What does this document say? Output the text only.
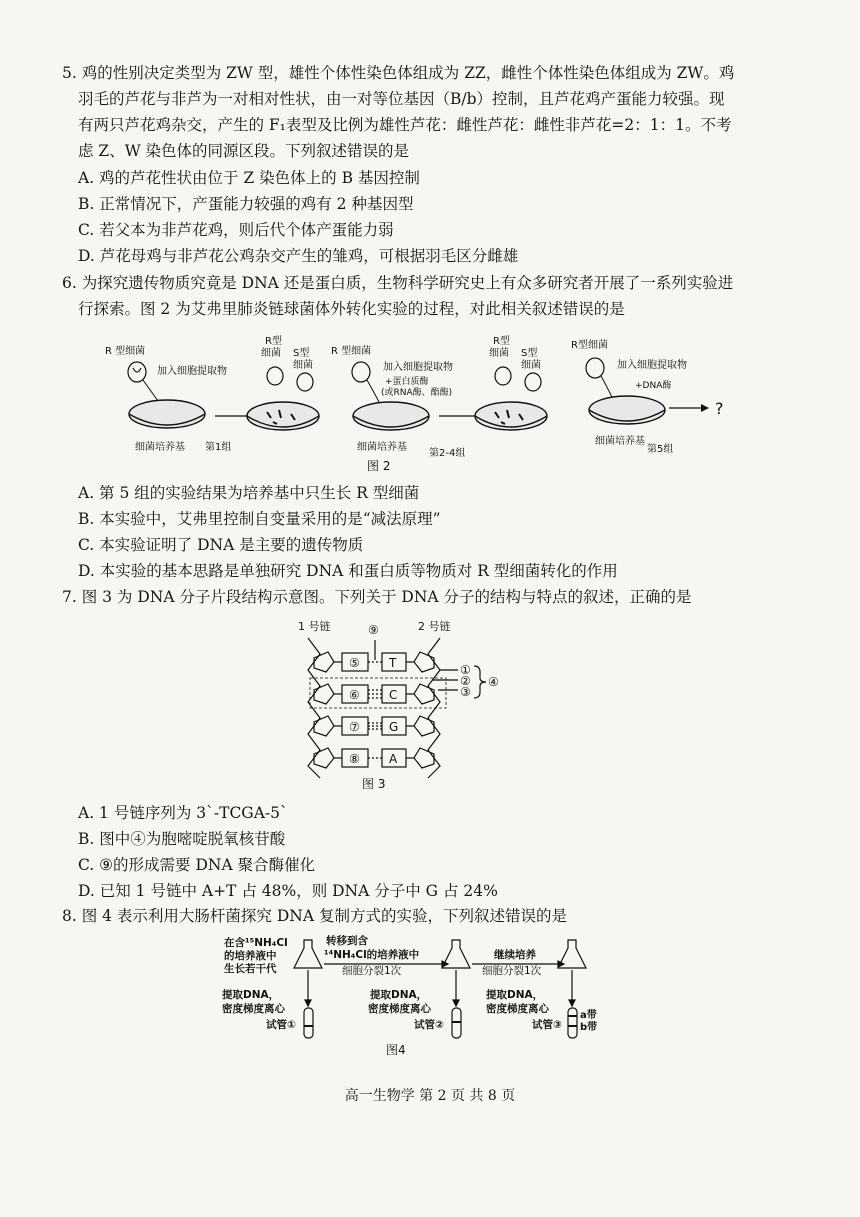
5. 鸡的性别决定类型为 ZW 型，雄性个体性染色体组成为 ZZ，雌性个体性染色体组成为 ZW。鸡
羽毛的芦花与非芦为一对相对性状，由一对等位基因（B/b）控制，且芦花鸡产蛋能力较强。现
有两只芦花鸡杂交，产生的 F₁表型及比例为雄性芦花：雌性芦花：雌性非芦花=2：1：1。不考
虑 Z、W 染色体的同源区段。下列叙述错误的是
A. 鸡的芦花性状由位于 Z 染色体上的 B 基因控制
B. 正常情况下，产蛋能力较强的鸡有 2 种基因型
C. 若父本为非芦花鸡，则后代个体产蛋能力弱
D. 芦花母鸡与非芦花公鸡杂交产生的雏鸡，可根据羽毛区分雌雄
6. 为探究遗传物质究竟是 DNA 还是蛋白质，生物科学研究史上有众多研究者开展了一系列实验进
行探索。图 2 为艾弗里肺炎链球菌体外转化实验的过程，对此相关叙述错误的是
R 型细菌
加入细胞提取物
细菌培养基 第1组
R型
细菌 S型
细菌
R 型细菌
加入细胞提取物
+蛋白质酶
(或RNA酶、酯酶)
细菌培养基
第2-4组
R型
细菌 S型
细菌
R型细菌
加入细胞提取物
+DNA酶
细菌培养基
?
第5组
图 2
A. 第 5 组的实验结果为培养基中只生长 R 型细菌
B. 本实验中，艾弗里控制自变量采用的是“减法原理”
C. 本实验证明了 DNA 是主要的遗传物质
D. 本实验的基本思路是单独研究 DNA 和蛋白质等物质对 R 型细菌转化的作用
7. 图 3 为 DNA 分子片段结构示意图。下列关于 DNA 分子的结构与特点的叙述，正确的是
1 号链	2 号链
⑨
⑤
⑥
⑦
⑧
T
C
G
A
①
②
③
④
图 3
A. 1 号链序列为 3`-TCGA-5`
B. 图中④为胞嘧啶脱氧核苷酸
C. ⑨的形成需要 DNA 聚合酶催化
D. 已知 1 号链中 A+T 占 48%，则 DNA 分子中 G 占 24%
8. 图 4 表示利用大肠杆菌探究 DNA 复制方式的实验，下列叙述错误的是
在含¹⁵NH₄Cl
的培养液中
生长若干代
转移到含
¹⁴NH₄Cl的培养液中
细胞分裂1次
继续培养
细胞分裂1次
提取DNA，
密度梯度离心
试管①
提取DNA，
密度梯度离心
试管②
提取DNA，
密度梯度离心
试管③
a带
b带
图4
高一生物学 第 2 页 共 8 页
